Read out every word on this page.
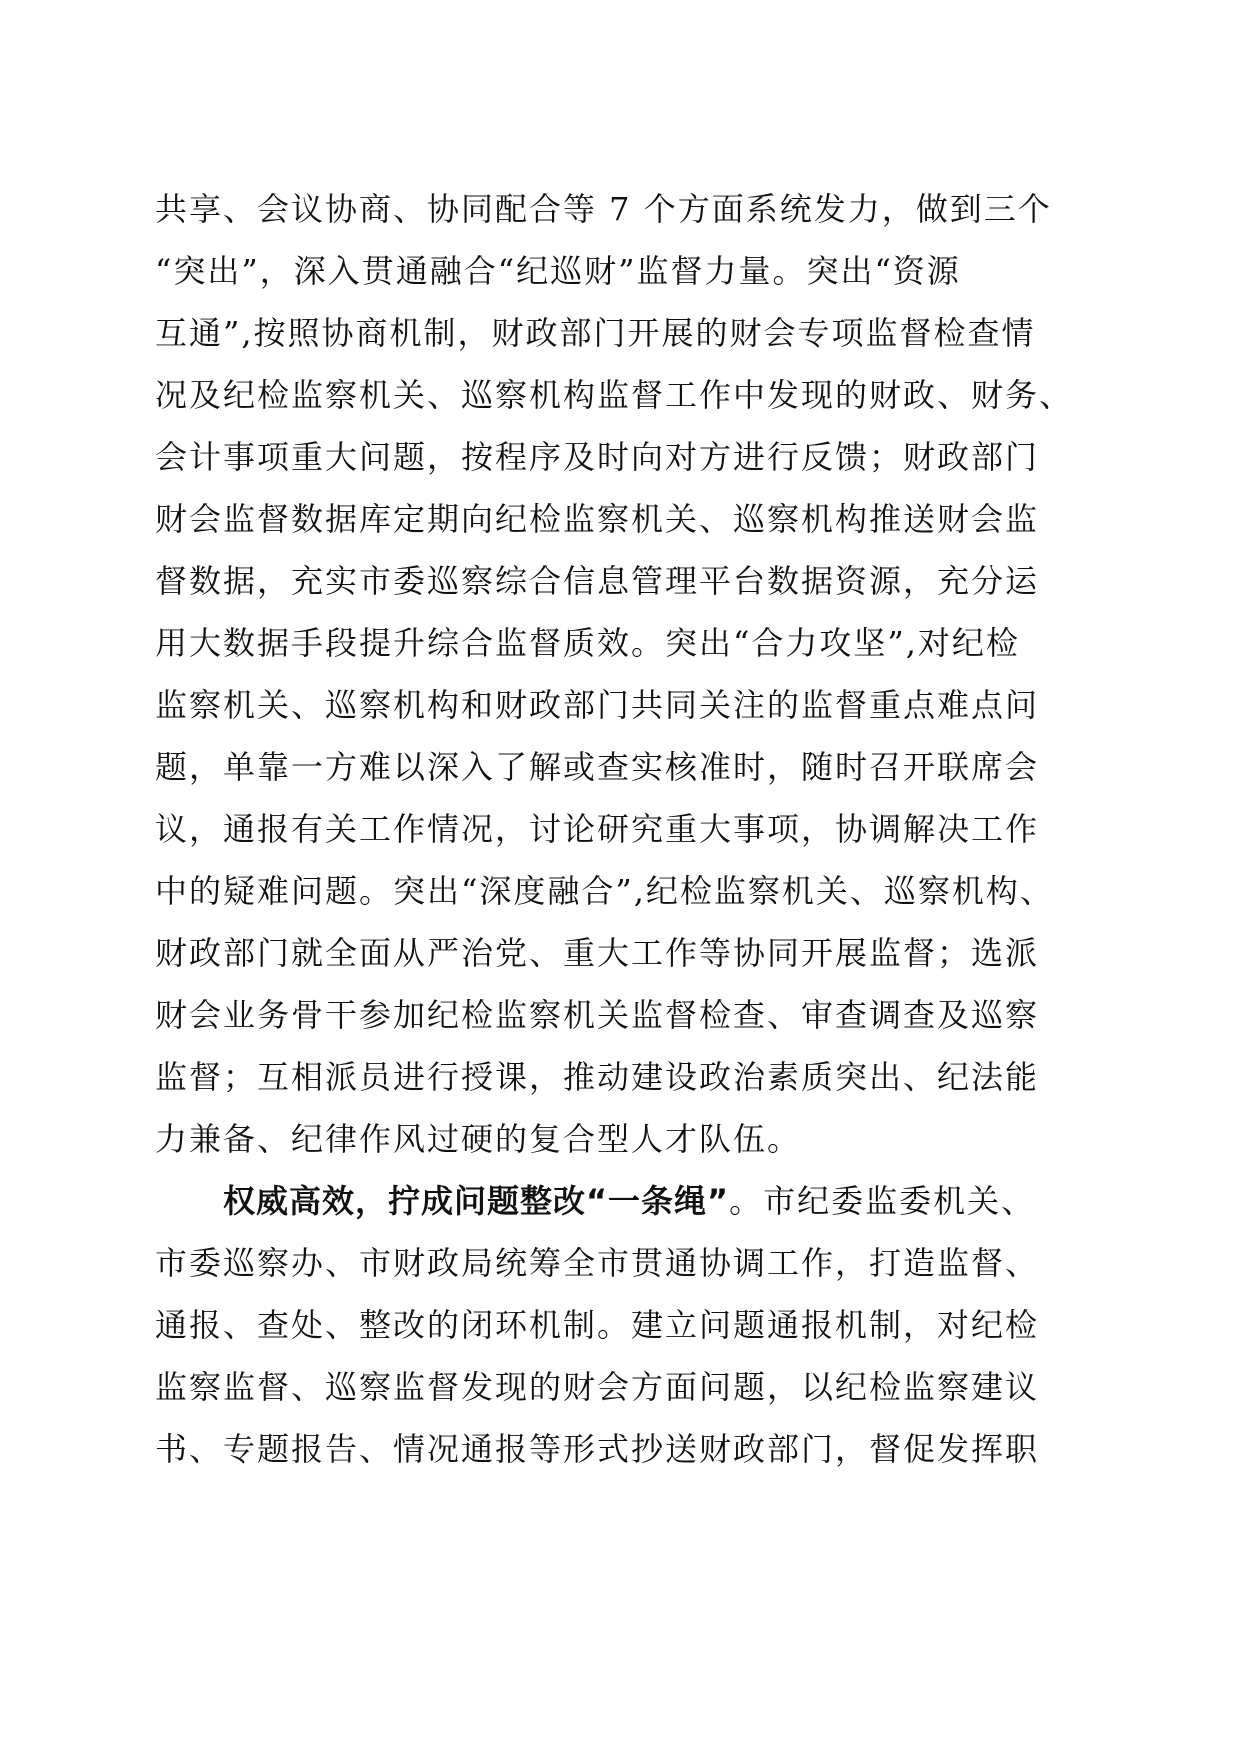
共享、会议协商、协同配合等 7 个方面系统发力，做到三个
“突出”，深入贯通融合“纪巡财”监督力量。突出“资源
互通”,按照协商机制，财政部门开展的财会专项监督检查情
况及纪检监察机关、巡察机构监督工作中发现的财政、财务、
会计事项重大问题，按程序及时向对方进行反馈；财政部门
财会监督数据库定期向纪检监察机关、巡察机构推送财会监
督数据，充实市委巡察综合信息管理平台数据资源，充分运
用大数据手段提升综合监督质效。突出“合力攻坚”,对纪检
监察机关、巡察机构和财政部门共同关注的监督重点难点问
题，单靠一方难以深入了解或查实核准时，随时召开联席会
议，通报有关工作情况，讨论研究重大事项，协调解决工作
中的疑难问题。突出“深度融合”,纪检监察机关、巡察机构、
财政部门就全面从严治党、重大工作等协同开展监督；选派
财会业务骨干参加纪检监察机关监督检查、审查调查及巡察
监督；互相派员进行授课，推动建设政治素质突出、纪法能
力兼备、纪律作风过硬的复合型人才队伍。
权威高效，拧成问题整改“一条绳”。市纪委监委机关、
市委巡察办、市财政局统筹全市贯通协调工作，打造监督、
通报、查处、整改的闭环机制。建立问题通报机制，对纪检
监察监督、巡察监督发现的财会方面问题，以纪检监察建议
书、专题报告、情况通报等形式抄送财政部门，督促发挥职
